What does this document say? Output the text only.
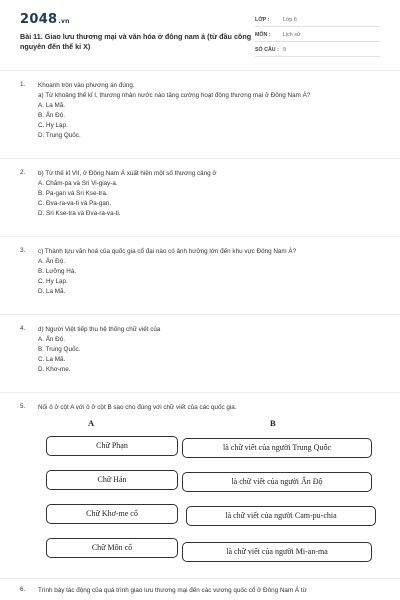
2048.vn
Bài 11. Giao lưu thương mại và văn hóa ở đông nam á (từ đầu công nguyên đến thế kỉ X)
LỚP :	Lớp 6
MÔN : Lịch sử
SỐ CÂU : 9
1.	Khoanh tròn vào phương án đúng.
a) Từ khoảng thế kỉ I, thương nhân nước nào tăng cường hoạt động thương mại ở Đông Nam Á?
A. La Mã.
B. Ấn Độ.
C. Hy Lạp.
D. Trung Quốc.
2.	b) Từ thế kỉ VII, ở Đông Nam Á xuất hiện một số thương cảng ở
A. Chăm-pa và Sri Vi-giay-a.
B. Pa-gan và Sri Kse-tra.
C. Đva-ra-va-ti và Pa-gan.
D. Sri Kse-tra và Đva-ra-va-ti.
3.	c) Thành tựu văn hoá của quốc gia cổ đại nào có ảnh hưởng lớn đến khu vực Đông Nam Á?
A. Ấn Độ.
B. Lưỡng Hà.
C. Hy Lạp.
D. La Mã.
4.	d) Người Việt tiếp thu hệ thống chữ viết của
A. Ấn Độ.
B. Trung Quốc.
C. La Mã.
D. Khơ-me.
5.	Nối ô ở cột A với ô ở cột B sao cho đúng với chữ viết của các quốc gia.
A	B
Chữ Phạn
Chữ Hán
Chữ Khơ-me cổ
Chữ Môn cổ
là chữ viết của người Trung Quốc
là chữ viết của người Ấn Độ
là chữ viết của người Cam-pu-chia
là chữ viết của người Mi-an-ma
6.	Trình bày tác động của quá trình giao lưu thương mại đến các vương quốc cổ ở Đông Nam Á từ
